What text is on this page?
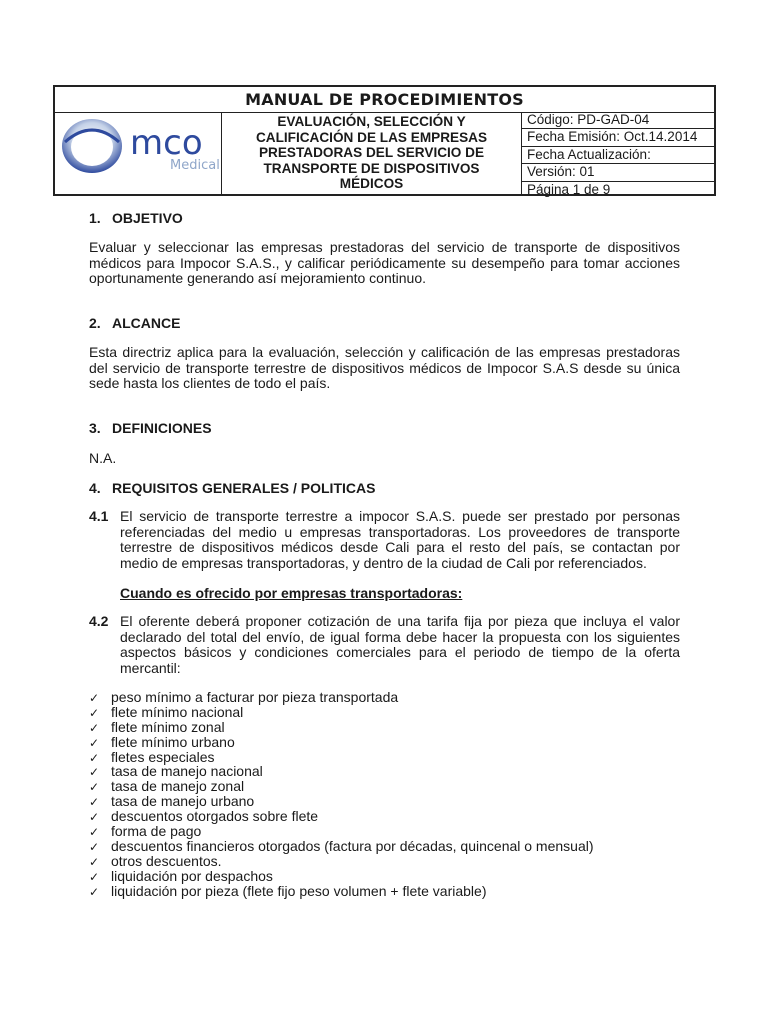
MANUAL DE PROCEDIMIENTOS
mco
Medical
EVALUACIÓN, SELECCIÓN Y CALIFICACIÓN DE LAS EMPRESAS PRESTADORAS DEL SERVICIO DE TRANSPORTE DE DISPOSITIVOS MÉDICOS
Código: PD-GAD-04
Fecha Emisión: Oct.14.2014
Fecha Actualización:
Versión: 01
Página 1 de 9
1. OBJETIVO
Evaluar y seleccionar las empresas prestadoras del servicio de transporte de dispositivos médicos para Impocor S.A.S., y calificar periódicamente su desempeño para tomar acciones oportunamente generando así mejoramiento continuo.
2. ALCANCE
Esta directriz aplica para la evaluación, selección y calificación de las empresas prestadoras del servicio de transporte terrestre de dispositivos médicos de Impocor S.A.S desde su única sede hasta los clientes de todo el país.
3. DEFINICIONES
N.A.
4. REQUISITOS GENERALES / POLITICAS
4.1 El servicio de transporte terrestre a impocor S.A.S. puede ser prestado por personas referenciadas del medio u empresas transportadoras. Los proveedores de transporte terrestre de dispositivos médicos desde Cali para el resto del país, se contactan por medio de empresas transportadoras, y dentro de la ciudad de Cali por referenciados.
Cuando es ofrecido por empresas transportadoras:
4.2 El oferente deberá proponer cotización de una tarifa fija por pieza que incluya el valor declarado del total del envío, de igual forma debe hacer la propuesta con los siguientes aspectos básicos y condiciones comerciales para el periodo de tiempo de la oferta mercantil:
✓ peso mínimo a facturar por pieza transportada
✓ flete mínimo nacional
✓ flete mínimo zonal
✓ flete mínimo urbano
✓ fletes especiales
✓ tasa de manejo nacional
✓ tasa de manejo zonal
✓ tasa de manejo urbano
✓ descuentos otorgados sobre flete
✓ forma de pago
✓ descuentos financieros otorgados (factura por décadas, quincenal o mensual)
✓ otros descuentos.
✓ liquidación por despachos
✓ liquidación por pieza (flete fijo peso volumen + flete variable)
